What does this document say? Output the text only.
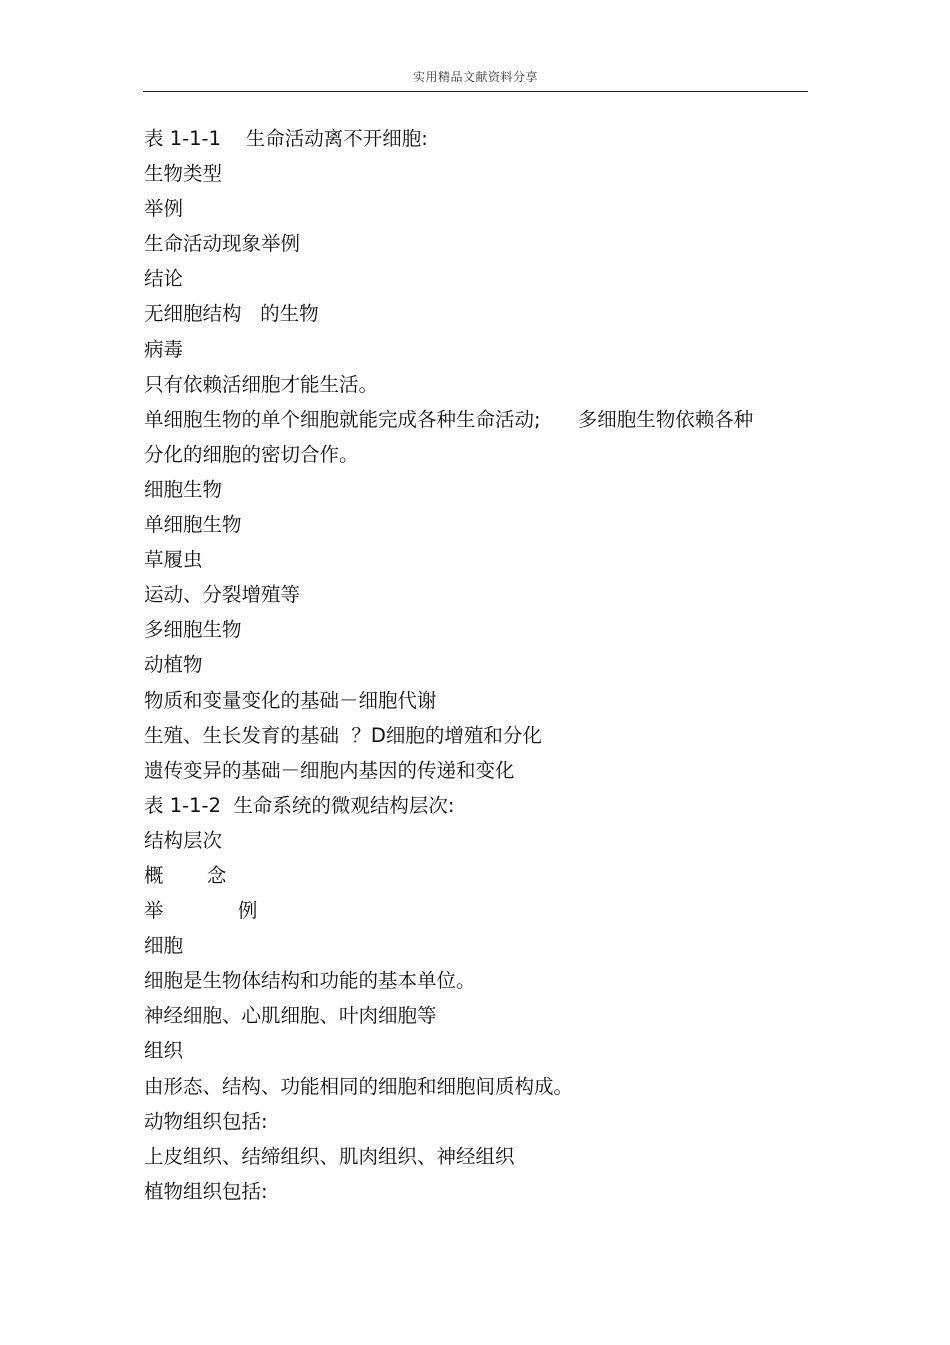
实用精品文献资料分享
表 1-1-1    生命活动离不开细胞:
生物类型
举例
生命活动现象举例
结论
无细胞结构   的生物
病毒
只有依赖活细胞才能生活。
单细胞生物的单个细胞就能完成各种生命活动;      多细胞生物依赖各种
分化的细胞的密切合作。
细胞生物
单细胞生物
草履虫
运动、分裂增殖等
多细胞生物
动植物
物质和变量变化的基础－细胞代谢
生殖、生长发育的基础  ？D细胞的增殖和分化
遗传变异的基础－细胞内基因的传递和变化
表 1-1-2  生命系统的微观结构层次:
结构层次
概       念
举            例
细胞
细胞是生物体结构和功能的基本单位。
神经细胞、心肌细胞、叶肉细胞等
组织
由形态、结构、功能相同的细胞和细胞间质构成。
动物组织包括:
上皮组织、结缔组织、肌肉组织、神经组织
植物组织包括:
